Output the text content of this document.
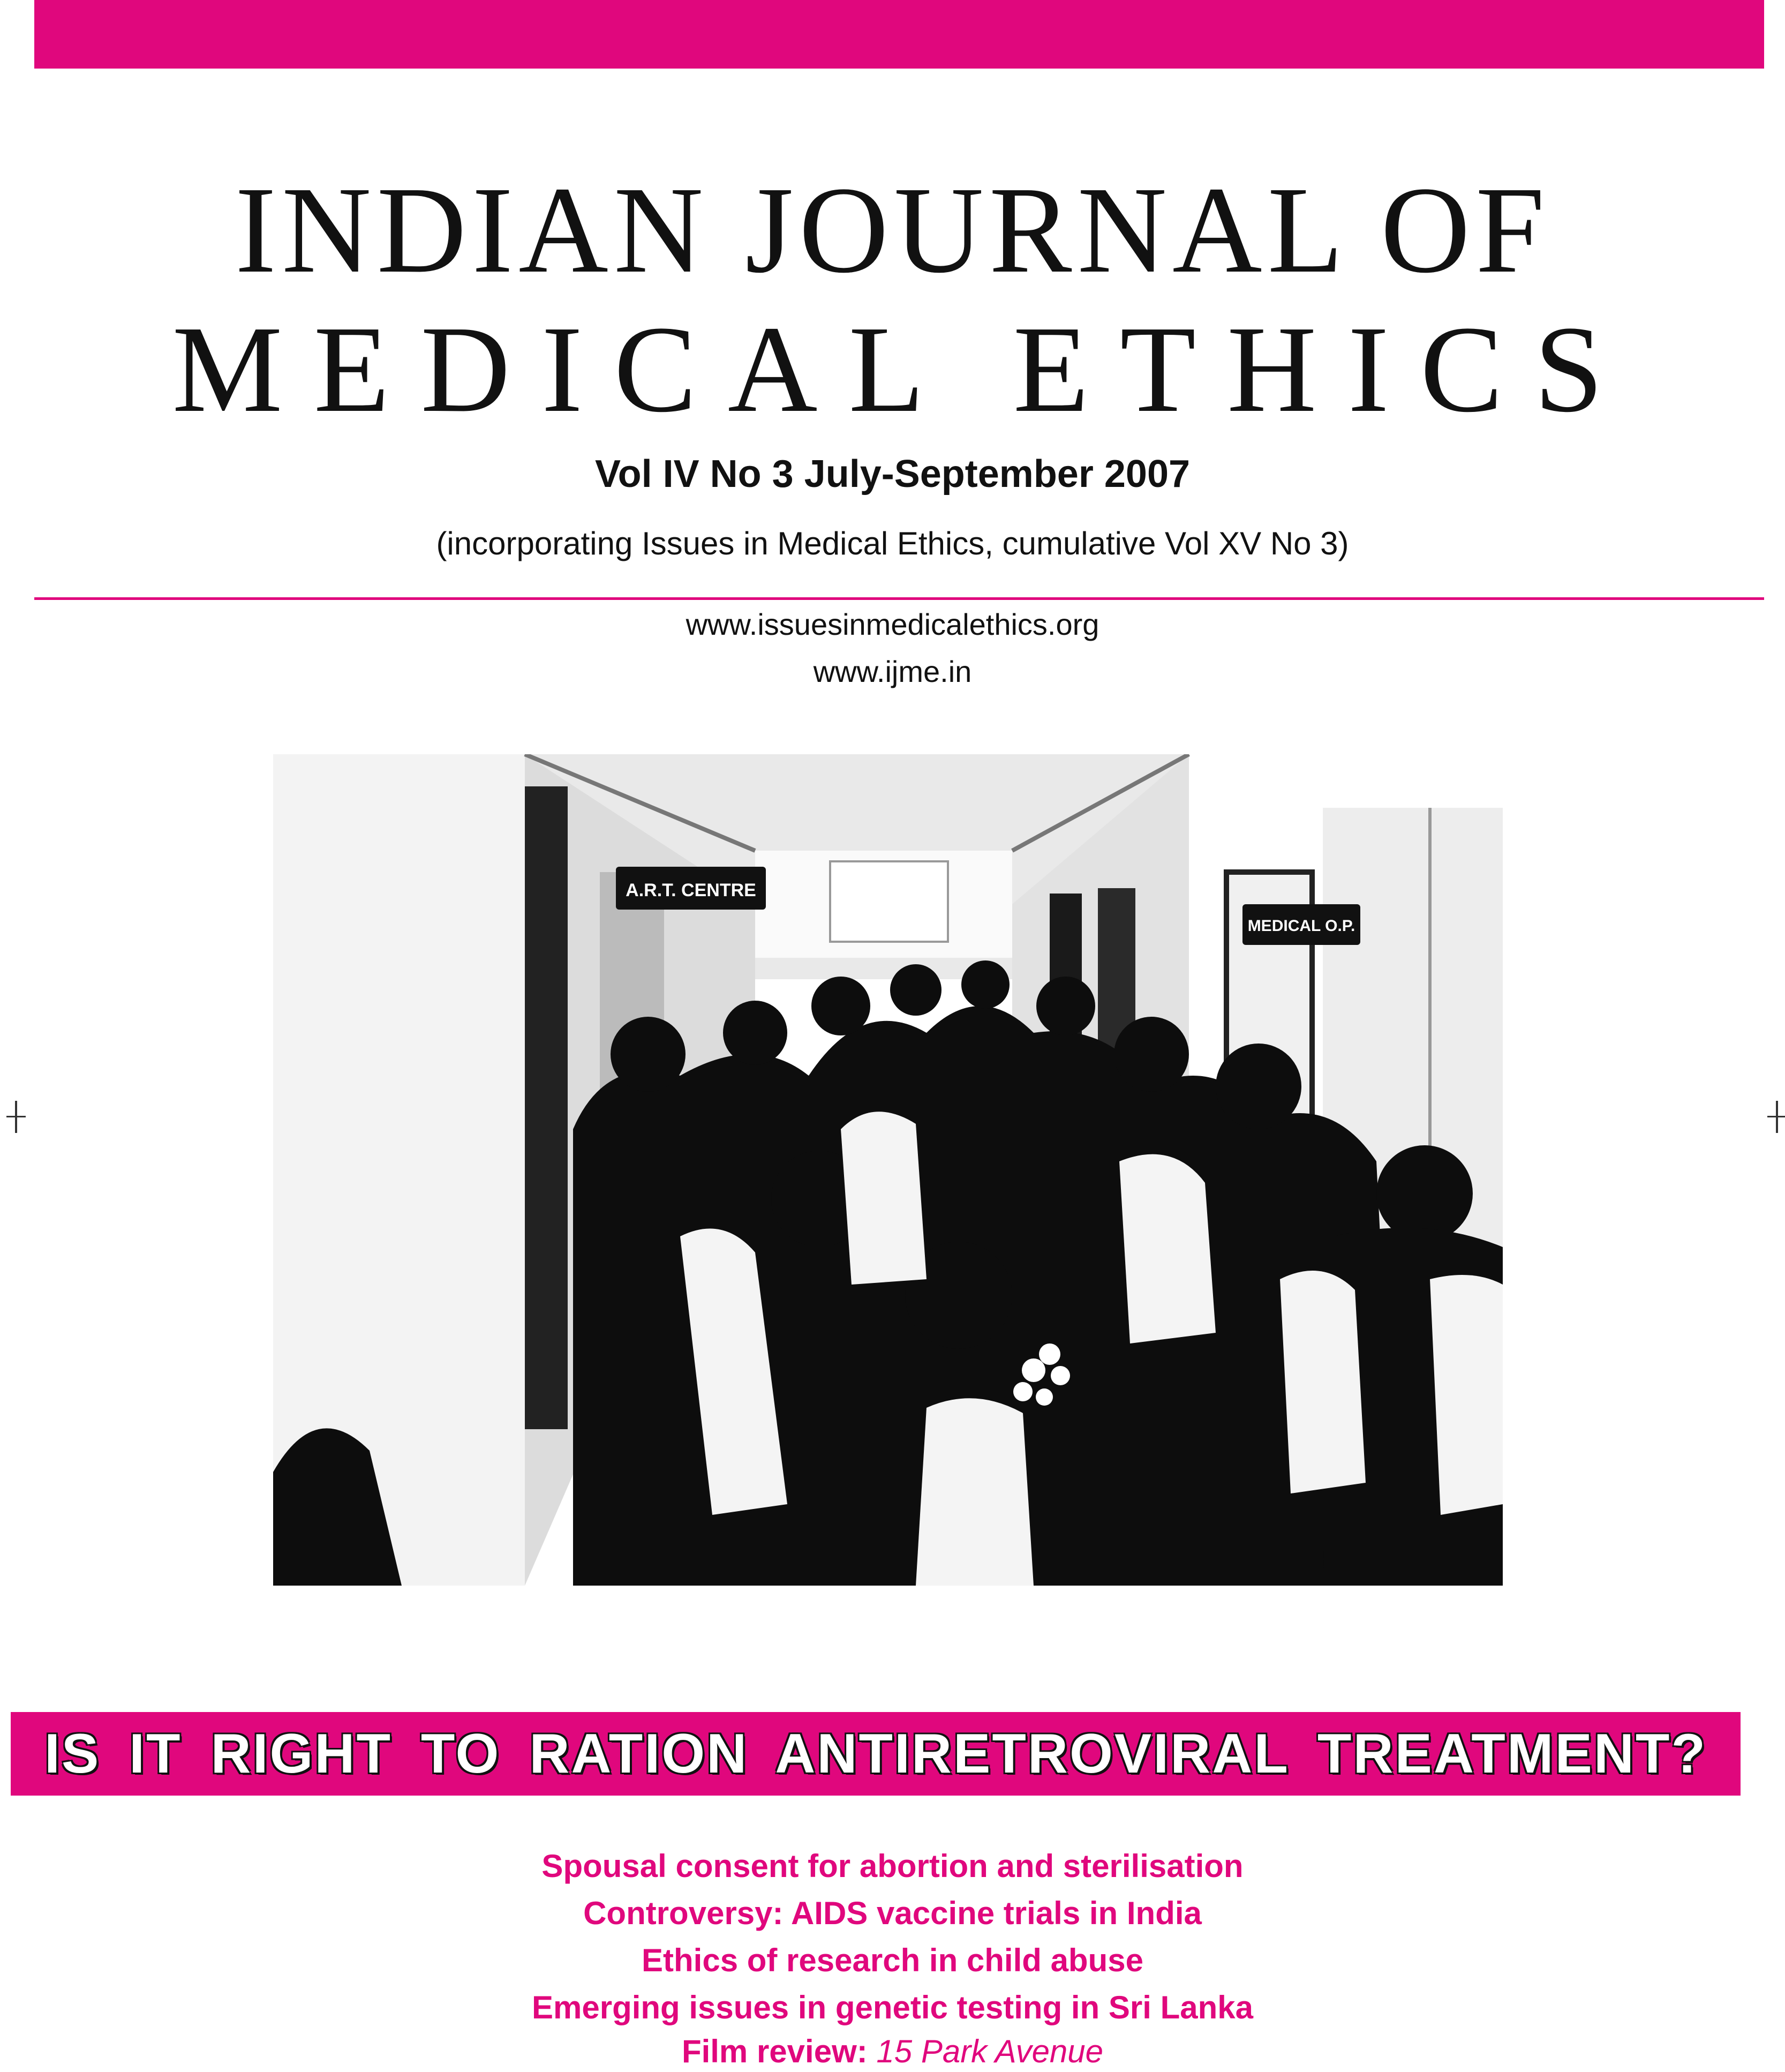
INDIAN JOURNAL OF
MEDICAL ETHICS
Vol IV No 3 July-September 2007
(incorporating Issues in Medical Ethics, cumulative Vol XV No 3)
www.issuesinmedicalethics.org
www.ijme.in
A.R.T. CENTRE
MEDICAL O.P.
IS IT RIGHT TO RATION ANTIRETROVIRAL TREATMENT?
Spousal consent for abortion and sterilisation
Controversy: AIDS vaccine trials in India
Ethics of research in child abuse
Emerging issues in genetic testing in Sri Lanka
Film review: 15 Park Avenue
